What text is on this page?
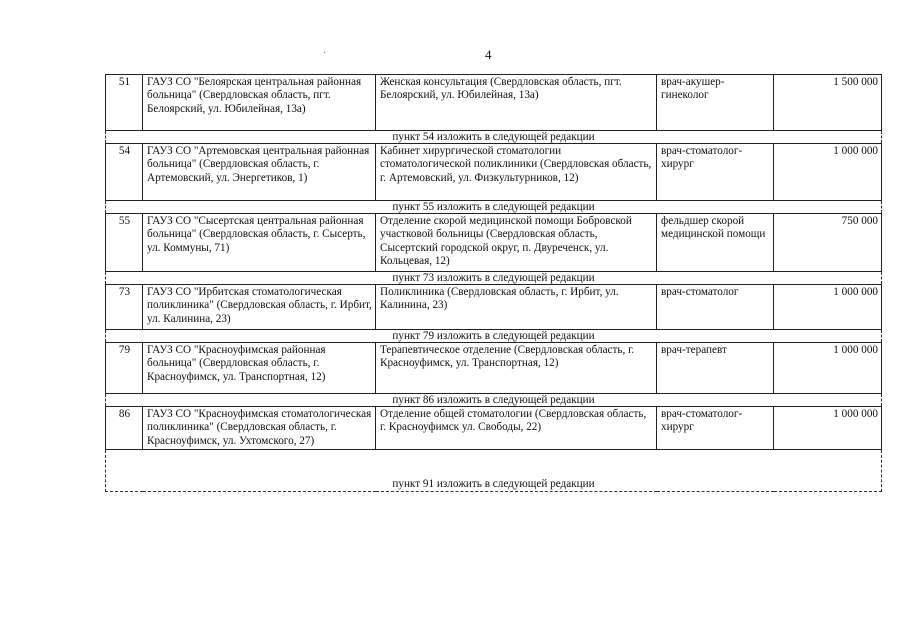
·	4
51	ГАУЗ СО "Белоярская центральная районная больница" (Свердловская область, пгт. Белоярский, ул. Юбилейная, 13а)	Женская консультация (Свердловская область, пгт. Белоярский, ул. Юбилейная, 13а)	врач-акушер-гинеколог	1 500 000
пункт 54 изложить в следующей редакции				
54	ГАУЗ СО "Артемовская центральная районная больница" (Свердловская область, г. Артемовский, ул. Энергетиков, 1)	Кабинет хирургической стоматологии стоматологической поликлиники (Свердловская область, г. Артемовский, ул. Физкультурников, 12)	врач-стоматолог-хирург	1 000 000
пункт 55 изложить в следующей редакции				
55	ГАУЗ СО "Сысертская центральная районная больница" (Свердловская область, г. Сысерть, ул. Коммуны, 71)	Отделение скорой медицинской помощи Бобровской участковой больницы (Свердловская область, Сысертский городской округ, п. Двуреченск, ул. Кольцевая, 12)	фельдшер скорой медицинской помощи	750 000
пункт 73 изложить в следующей редакции				
73	ГАУЗ СО "Ирбитская стоматологическая поликлиника" (Свердловская область, г. Ирбит, ул. Калинина, 23)	Поликлиника (Свердловская область, г. Ирбит, ул. Калинина, 23)	врач-стоматолог	1 000 000
пункт 79 изложить в следующей редакции				
79	ГАУЗ СО "Красноуфимская районная больница" (Свердловская область, г. Красноуфимск, ул. Транспортная, 12)	Терапевтическое отделение (Свердловская область, г. Красноуфимск, ул. Транспортная, 12)	врач-терапевт	1 000 000
пункт 86 изложить в следующей редакции				
86	ГАУЗ СО "Красноуфимская стоматологическая поликлиника" (Свердловская область, г. Красноуфимск, ул. Ухтомского, 27)	Отделение общей стоматологии (Свердловская область, г. Красноуфимск ул. Свободы, 22)	врач-стоматолог-хирург	1 000 000
пункт 91 изложить в следующей редакции				
